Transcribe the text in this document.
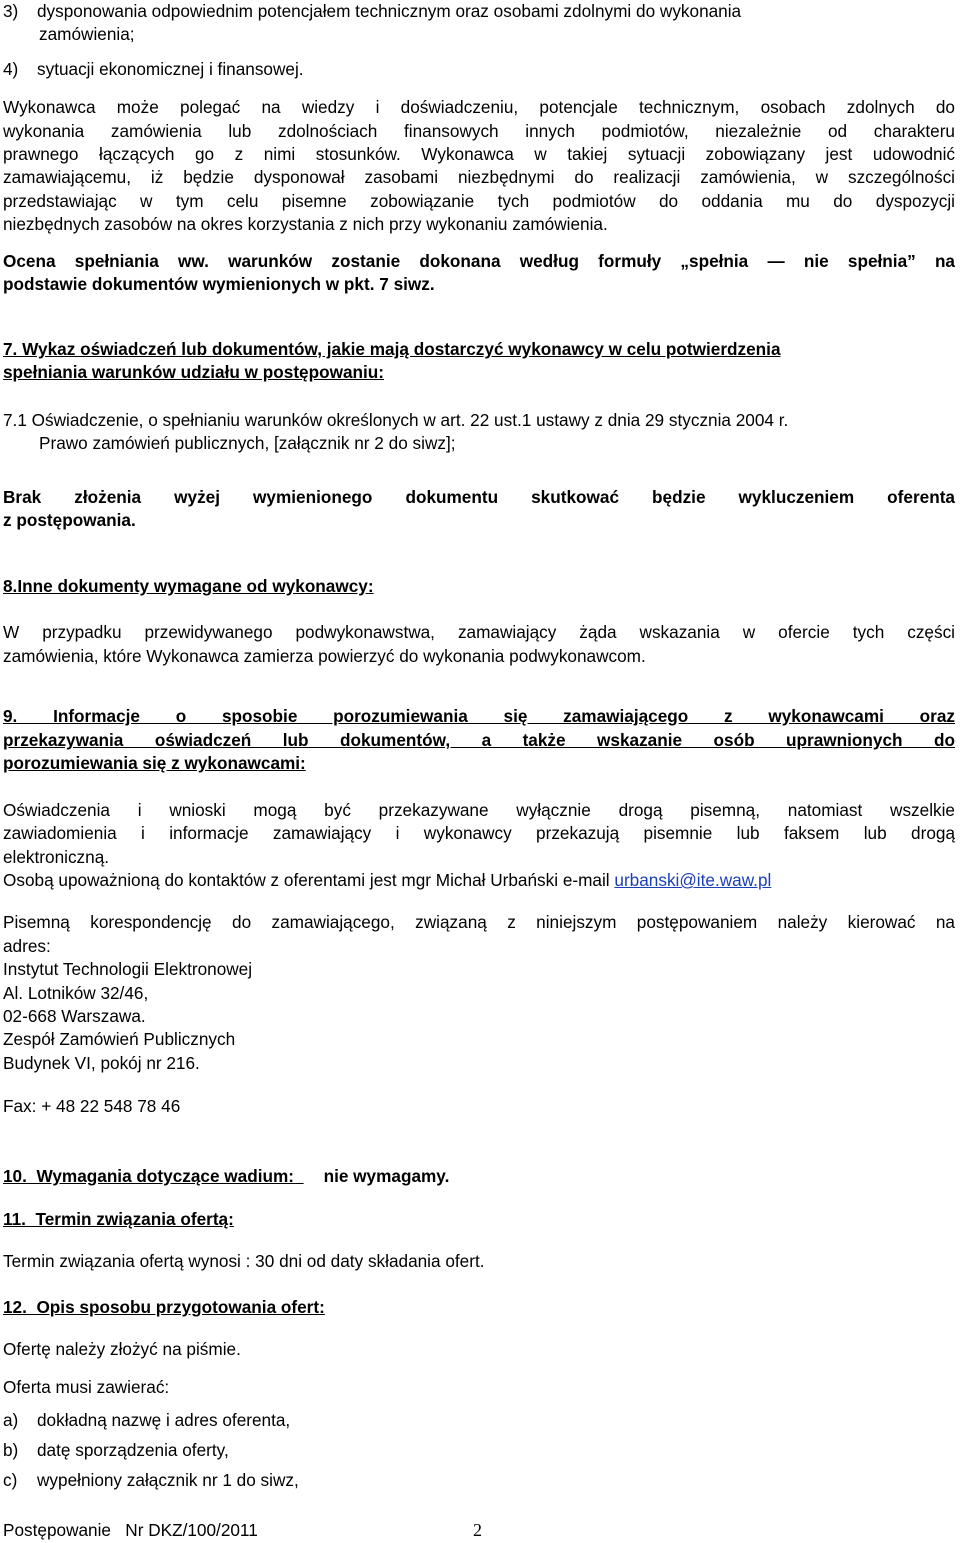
3) dysponowania odpowiednim potencjałem technicznym oraz osobami zdolnymi do wykonania
zamówienia;
4) sytuacji ekonomicznej i finansowej.
Wykonawca może polegać na wiedzy i doświadczeniu, potencjale technicznym, osobach zdolnych do
wykonania zamówienia lub zdolnościach finansowych innych podmiotów, niezależnie od charakteru
prawnego łączących go z nimi stosunków. Wykonawca w takiej sytuacji zobowiązany jest udowodnić
zamawiającemu, iż będzie dysponował zasobami niezbędnymi do realizacji zamówienia, w szczególności
przedstawiając w tym celu pisemne zobowiązanie tych podmiotów do oddania mu do dyspozycji
niezbędnych zasobów na okres korzystania z nich przy wykonaniu zamówienia.
Ocena spełniania ww. warunków zostanie dokonana według formuły „spełnia — nie spełnia” na
podstawie dokumentów wymienionych w pkt. 7 siwz.
7. Wykaz oświadczeń lub dokumentów, jakie mają dostarczyć wykonawcy w celu potwierdzenia
spełniania warunków udziału w postępowaniu:
7.1 Oświadczenie, o spełnianiu warunków określonych w art. 22 ust.1 ustawy z dnia 29 stycznia 2004 r.
Prawo zamówień publicznych, [załącznik nr 2 do siwz];
Brak złożenia wyżej wymienionego dokumentu skutkować będzie wykluczeniem oferenta
z postępowania.
8.Inne dokumenty wymagane od wykonawcy:
W przypadku przewidywanego podwykonawstwa, zamawiający żąda wskazania w ofercie tych części
zamówienia, które Wykonawca zamierza powierzyć do wykonania podwykonawcom.
9. Informacje o sposobie porozumiewania się zamawiającego z wykonawcami oraz
przekazywania oświadczeń lub dokumentów, a także wskazanie osób uprawnionych do
porozumiewania się z wykonawcami:
Oświadczenia i wnioski mogą być przekazywane wyłącznie drogą pisemną, natomiast wszelkie
zawiadomienia i informacje zamawiający i wykonawcy przekazują pisemnie lub faksem lub drogą
elektroniczną.
Osobą upoważnioną do kontaktów z oferentami jest mgr Michał Urbański e-mail urbanski@ite.waw.pl
Pisemną korespondencję do zamawiającego, związaną z niniejszym postępowaniem należy kierować na
adres:
Instytut Technologii Elektronowej
Al. Lotników 32/46,
02-668 Warszawa.
Zespół Zamówień Publicznych
Budynek VI, pokój nr 216.
Fax: + 48 22 548 78 46
10.  Wymagania dotyczące wadium:  nie wymagamy.
11.  Termin związania ofertą:
Termin związania ofertą wynosi : 30 dni od daty składania ofert.
12.  Opis sposobu przygotowania ofert:
Ofertę należy złożyć na piśmie.
Oferta musi zawierać:
a) dokładną nazwę i adres oferenta,
b) datę sporządzenia oferty,
c) wypełniony załącznik nr 1 do siwz,
Postępowanie   Nr DKZ/100/2011	2
